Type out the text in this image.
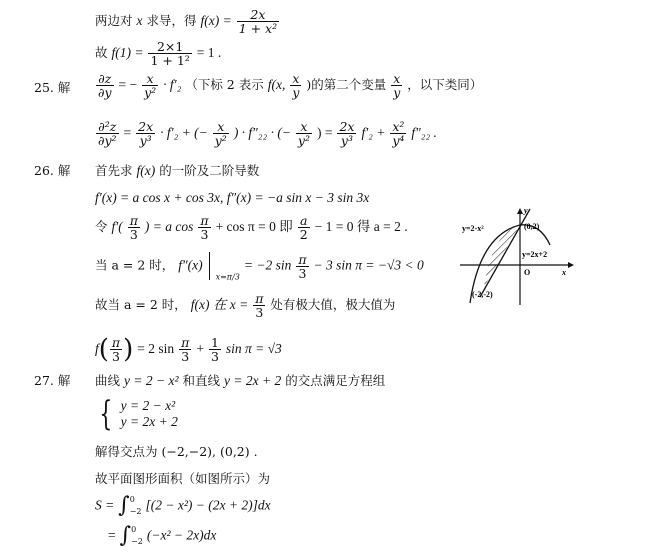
两边对 x 求导，得 $f(x) = \frac{2x}{\text{1 + x²}}$
故 $f(1) = \frac{2\times 1}{\text{1 + 1²}} = 1$ .
25. 解 $\frac{\partial z}{\partial y}$ = − $\frac{x}{\text{y²}} \cdot f'_2$ （下标 2 表示 f(x, $\frac{x}{y}$ )的第二个变量 $\frac{x}{y}$ ，以下类同）
$\frac{\text{∂²z}}{\text{∂y²}} = \frac{2x}{\text{y³}} \cdot f'_2$ + (− $\frac{x}{\text{y²}}$ ) · f″₂₂ · (− $\frac{x}{\text{y²}}$ ) = $\frac{2x}{\text{y³}} f'_2 + \frac{\text{x²}}{\text{y⁴}} f''_{22}$ .
26. 解 首先求 f(x) 的一阶及二阶导数
f′(x) = a cos x + cos 3x, f″(x) = −a sin x − 3 sin 3x
令 $f'( \frac{\pi}{3}$ ) = a $\cos \frac{\pi}{3} + \cos \pi = 0$ 即 $\frac{a}{2} - 1 = 0$ 得 a = 2 .
当 a = 2 时， f″(x)  $_{x=\pi/3}$ = −2 $\sin \frac{\pi}{3} - 3$ sin π = −√3 < 0
故当 a = 2 时， f(x) 在 $x = \frac{\pi}{3}$ 处有极大值，极大值为
$f( \frac{\pi}{3}$ ) = 2 $\sin \frac{\pi}{3} + \frac{1}{3}$ sin π = √3
y=2-x²	(0,2)
y=2x+2
O	x
y
(-2,-2)
27. 解 曲线 y = 2 − x² 和直线 y = 2x + 2 的交点满足方程组
{ y = 2 − x²
y = 2x + 2
解得交点为 (−2,−2), (0,2) .
故平面图形面积（如图所示）为
S = ∫ 0
−2 [(2 − x²) − (2x + 2)]dx
= ∫ 0
−2 (−x² − 2x)dx
